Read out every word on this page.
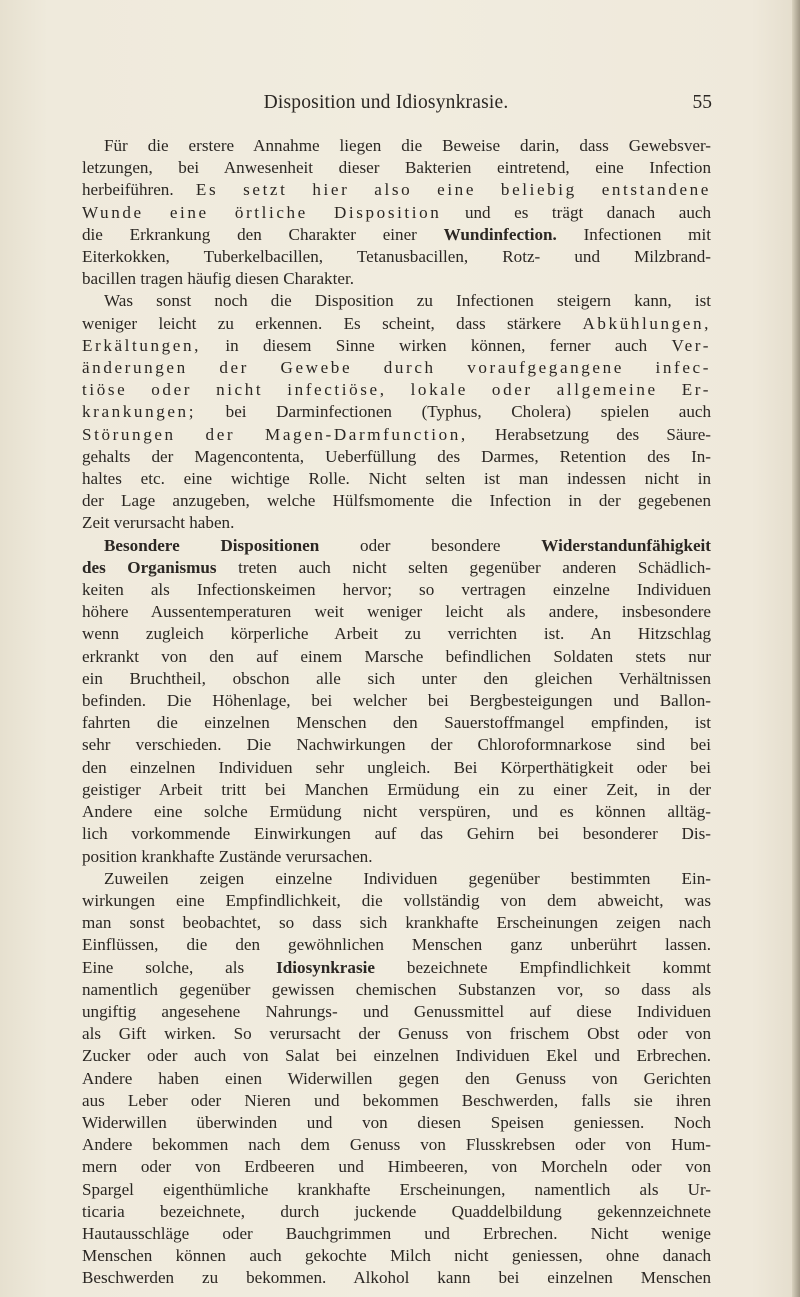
Disposition und Idiosynkrasie.	55

Für die erstere Annahme liegen die Beweise darin, dass Gewebsver-
letzungen, bei Anwesenheit dieser Bakterien eintretend, eine Infection
herbeiführen. Es setzt hier also eine beliebig entstandene
Wunde eine örtliche Disposition und es trägt danach auch
die Erkrankung den Charakter einer Wundinfection. Infectionen mit
Eiterkokken, Tuberkelbacillen, Tetanusbacillen, Rotz- und Milzbrand-
bacillen tragen häufig diesen Charakter.

Was sonst noch die Disposition zu Infectionen steigern kann, ist
weniger leicht zu erkennen. Es scheint, dass stärkere Abkühlungen,
Erkältungen, in diesem Sinne wirken können, ferner auch Ver-
änderungen der Gewebe durch voraufgegangene infec-
tiöse oder nicht infectiöse, lokale oder allgemeine Er-
krankungen; bei Darminfectionen (Typhus, Cholera) spielen auch
Störungen der Magen-Darmfunction, Herabsetzung des Säure-
gehalts der Magencontenta, Ueberfüllung des Darmes, Retention des In-
haltes etc. eine wichtige Rolle. Nicht selten ist man indessen nicht in
der Lage anzugeben, welche Hülfsmomente die Infection in der gegebenen
Zeit verursacht haben.

Besondere Dispositionen oder besondere Widerstandunfähigkeit
des Organismus treten auch nicht selten gegenüber anderen Schädlich-
keiten als Infectionskeimen hervor; so vertragen einzelne Individuen
höhere Aussentemperaturen weit weniger leicht als andere, insbesondere
wenn zugleich körperliche Arbeit zu verrichten ist. An Hitzschlag
erkrankt von den auf einem Marsche befindlichen Soldaten stets nur
ein Bruchtheil, obschon alle sich unter den gleichen Verhältnissen
befinden. Die Höhenlage, bei welcher bei Bergbesteigungen und Ballon-
fahrten die einzelnen Menschen den Sauerstoffmangel empfinden, ist
sehr verschieden. Die Nachwirkungen der Chloroformnarkose sind bei
den einzelnen Individuen sehr ungleich. Bei Körperthätigkeit oder bei
geistiger Arbeit tritt bei Manchen Ermüdung ein zu einer Zeit, in der
Andere eine solche Ermüdung nicht verspüren, und es können alltäg-
lich vorkommende Einwirkungen auf das Gehirn bei besonderer Dis-
position krankhafte Zustände verursachen.

Zuweilen zeigen einzelne Individuen gegenüber bestimmten Ein-
wirkungen eine Empfindlichkeit, die vollständig von dem abweicht, was
man sonst beobachtet, so dass sich krankhafte Erscheinungen zeigen nach
Einflüssen, die den gewöhnlichen Menschen ganz unberührt lassen.
Eine solche, als Idiosynkrasie bezeichnete Empfindlichkeit kommt
namentlich gegenüber gewissen chemischen Substanzen vor, so dass als
ungiftig angesehene Nahrungs- und Genussmittel auf diese Individuen
als Gift wirken. So verursacht der Genuss von frischem Obst oder von
Zucker oder auch von Salat bei einzelnen Individuen Ekel und Erbrechen.
Andere haben einen Widerwillen gegen den Genuss von Gerichten
aus Leber oder Nieren und bekommen Beschwerden, falls sie ihren
Widerwillen überwinden und von diesen Speisen geniessen. Noch
Andere bekommen nach dem Genuss von Flusskrebsen oder von Hum-
mern oder von Erdbeeren und Himbeeren, von Morcheln oder von
Spargel eigenthümliche krankhafte Erscheinungen, namentlich als Ur-
ticaria bezeichnete, durch juckende Quaddelbildung gekennzeichnete
Hautausschläge oder Bauchgrimmen und Erbrechen. Nicht wenige
Menschen können auch gekochte Milch nicht geniessen, ohne danach
Beschwerden zu bekommen. Alkohol kann bei einzelnen Menschen
